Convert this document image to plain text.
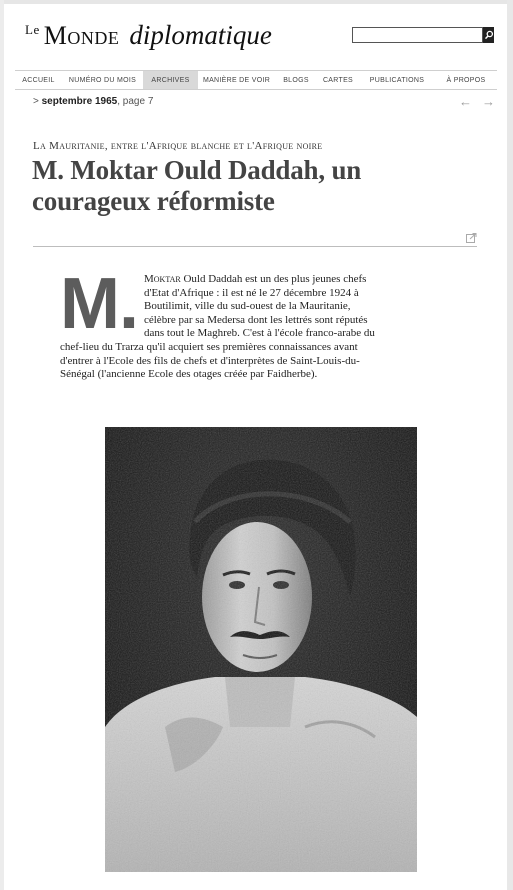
$^{Le}$ Monde diplomatique
ACCUEIL	NUMÉRO DU MOIS	ARCHIVES	MANIÈRE DE VOIR	BLOGS	CARTES	PUBLICATIONS	À PROPOS
> septembre 1965, page 7	←→
La Mauritanie, entre l'Afrique blanche et l'Afrique noire
M. Moktar Ould Daddah, un courageux réformiste
M. Moktar Ould Daddah est un des plus jeunes chefs d'Etat d'Afrique : il est né le 27 décembre 1924 à Boutilimit, ville du sud-ouest de la Mauritanie, célèbre par sa Medersa dont les lettrés sont réputés dans tout le Maghreb. C'est à l'école franco-arabe du chef-lieu du Trarza qu'il acquiert ses premières connaissances avant d'entrer à l'Ecole des fils de chefs et d'interprètes de Saint-Louis-du-Sénégal (l'ancienne Ecole des otages créée par Faidherbe).
